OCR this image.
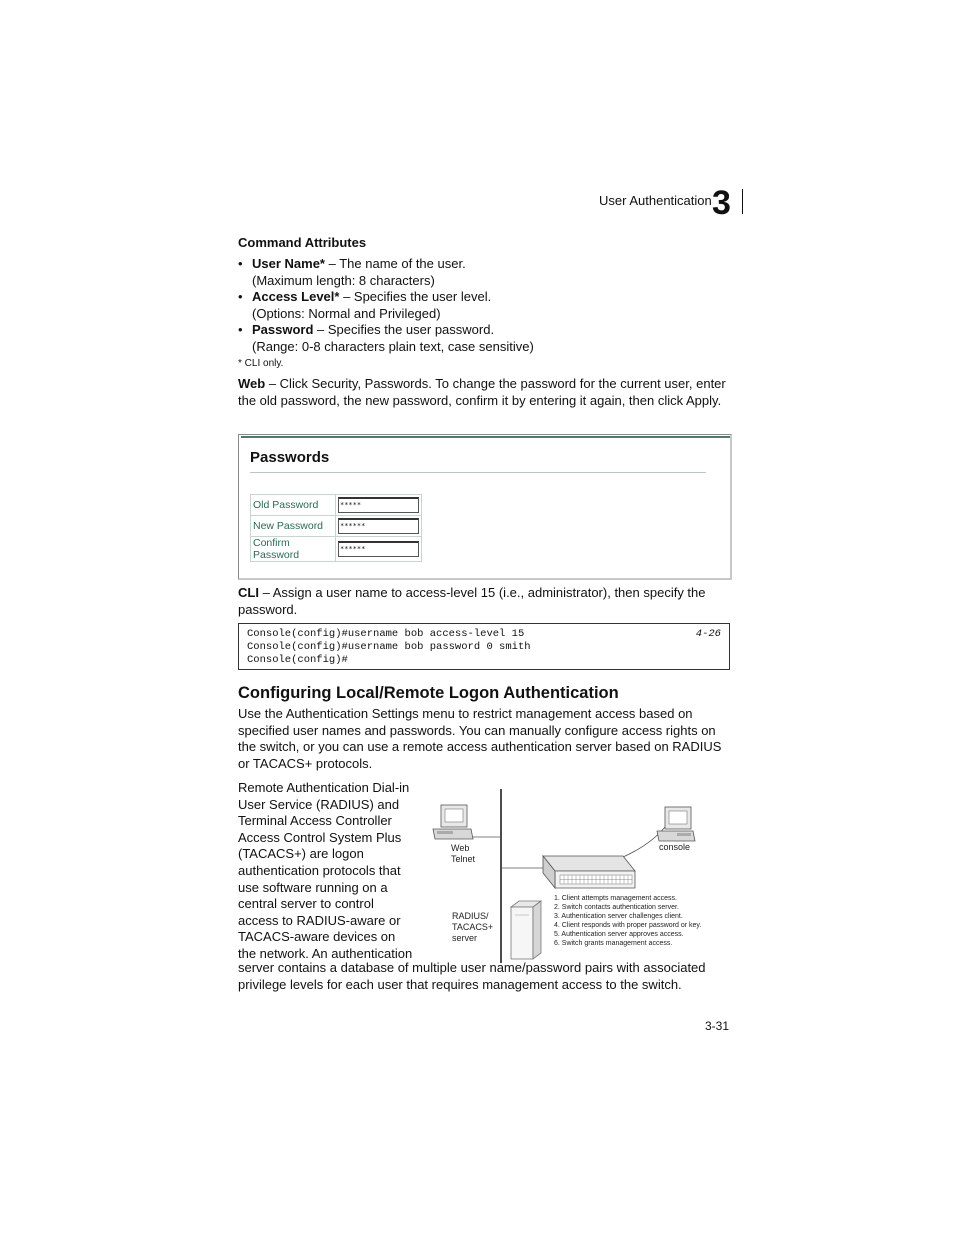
User Authentication 3
Command Attributes
• User Name* – The name of the user.
(Maximum length: 8 characters)
• Access Level* – Specifies the user level.
(Options: Normal and Privileged)
• Password – Specifies the user password.
(Range: 0-8 characters plain text, case sensitive)
* CLI only.
Web – Click Security, Passwords. To change the password for the current user, enter the old password, the new password, confirm it by entering it again, then click Apply.
Passwords
Old Password	*****

New Password	******

Confirm Password	******
CLI – Assign a user name to access-level 15 (i.e., administrator), then specify the password.
Console(config)#username bob access-level 15
Console(config)#username bob password 0 smith
Console(config)#
4-26
Configuring Local/Remote Logon Authentication
Use the Authentication Settings menu to restrict management access based on specified user names and passwords. You can manually configure access rights on the switch, or you can use a remote access authentication server based on RADIUS or TACACS+ protocols.
Remote Authentication Dial-in
User Service (RADIUS) and
Terminal Access Controller
Access Control System Plus
(TACACS+) are logon
authentication protocols that
use software running on a
central server to control
access to RADIUS-aware or
TACACS-aware devices on
the network. An authentication
server contains a database of multiple user name/password pairs with associated privilege levels for each user that requires management access to the switch.
Web
Telnet
console
RADIUS/
TACACS+
server
1. Client attempts management access.
2. Switch contacts authentication server.
3. Authentication server challenges client.
4. Client responds with proper password or key.
5. Authentication server approves access.
6. Switch grants management access.
3-31
